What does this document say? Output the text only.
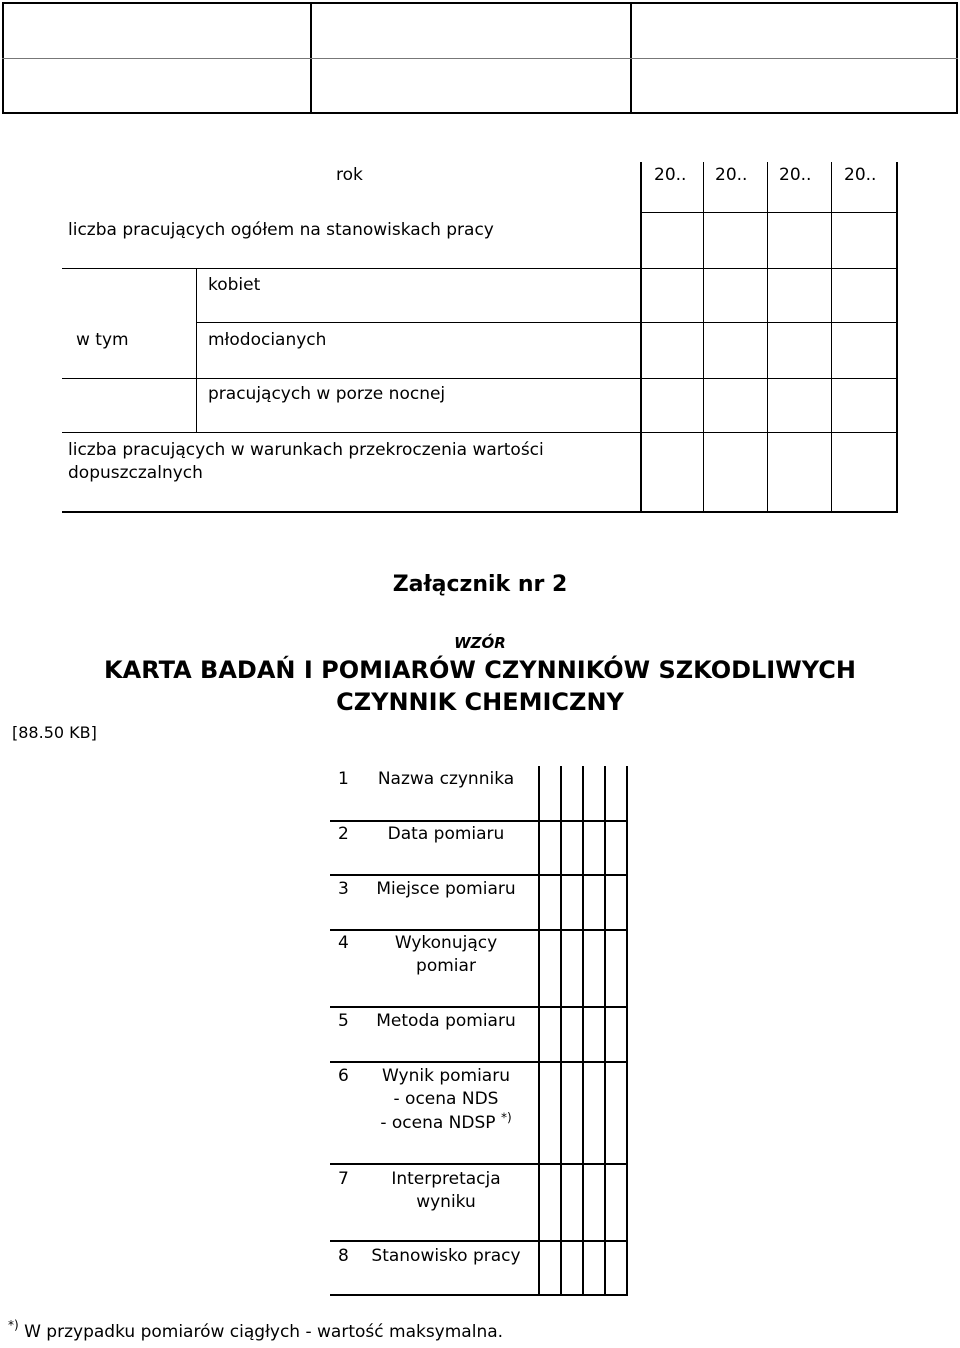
rok	20.. 20.. 20.. 20..
liczba pracujących ogółem na stanowiskach pracy
kobiet
w tym	młodocianych
pracujących w porze nocnej
liczba pracujących w warunkach przekroczenia wartości
dopuszczalnych
Załącznik nr 2
WZÓR
KARTA BADAŃ I POMIARÓW CZYNNIKÓW SZKODLIWYCH
CZYNNIK CHEMICZNY
[88.50 KB]
1	Nazwa czynnika
2	Data pomiaru
3	Miejsce pomiaru
4	Wykonujący
pomiar
5	Metoda pomiaru
6	Wynik pomiaru
- ocena NDS
- ocena NDSP *)
7	Interpretacja
wyniku
8	Stanowisko pracy
*) W przypadku pomiarów ciągłych - wartość maksymalna.
